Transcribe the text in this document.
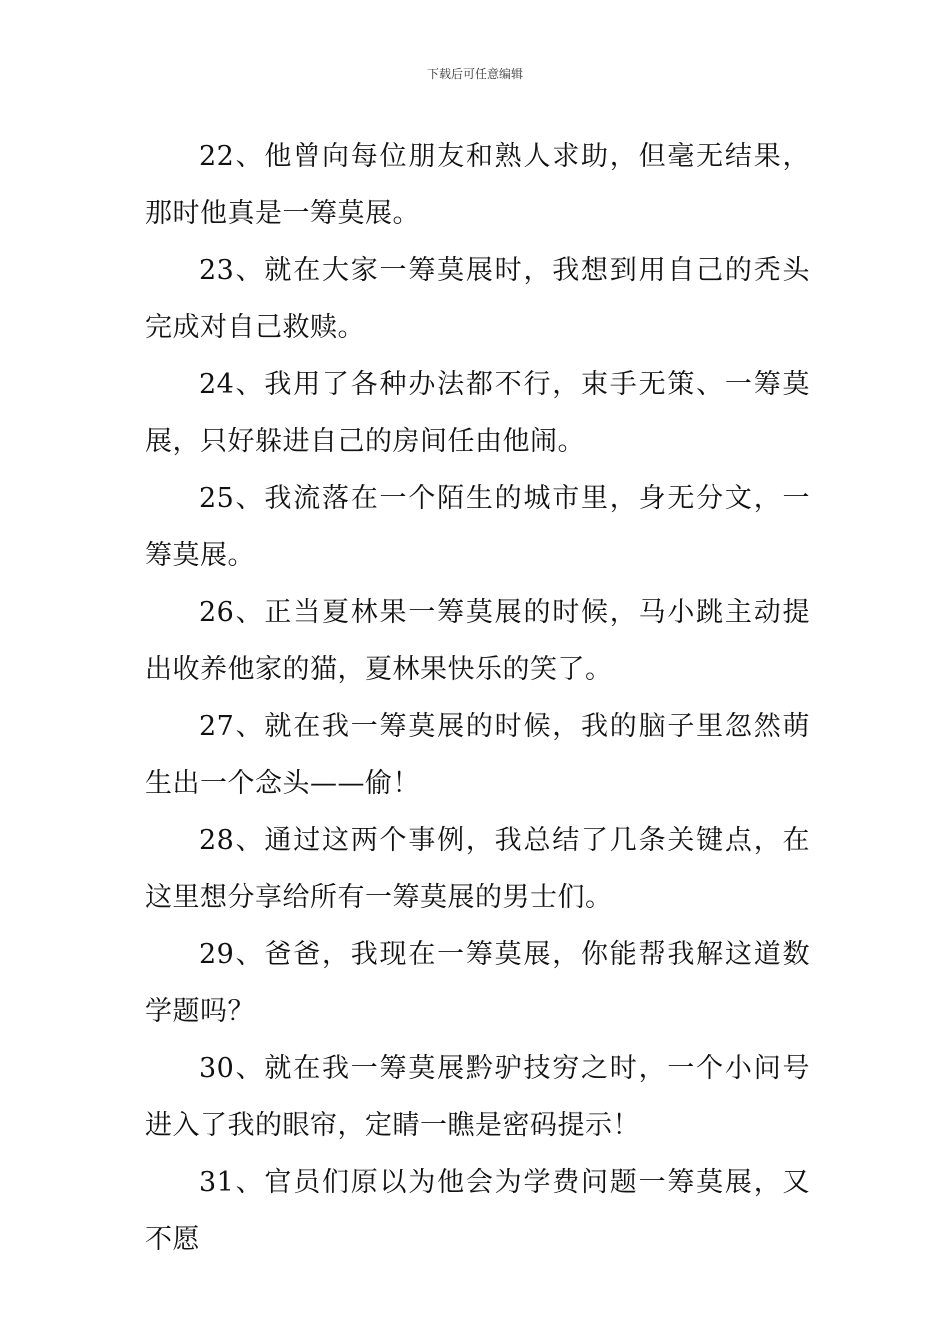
下载后可任意编辑

22、他曾向每位朋友和熟人求助，但毫无结果，那时他真是一筹莫展。

23、就在大家一筹莫展时，我想到用自己的秃头完成对自己救赎。

24、我用了各种办法都不行，束手无策、一筹莫展，只好躲进自己的房间任由他闹。

25、我流落在一个陌生的城市里，身无分文，一筹莫展。

26、正当夏林果一筹莫展的时候，马小跳主动提出收养他家的猫，夏林果快乐的笑了。

27、就在我一筹莫展的时候，我的脑子里忽然萌生出一个念头——偷！

28、通过这两个事例，我总结了几条关键点，在这里想分享给所有一筹莫展的男士们。

29、爸爸，我现在一筹莫展，你能帮我解这道数学题吗？

30、就在我一筹莫展黔驴技穷之时，一个小问号进入了我的眼帘，定睛一瞧是密码提示！

31、官员们原以为他会为学费问题一筹莫展，又不愿
